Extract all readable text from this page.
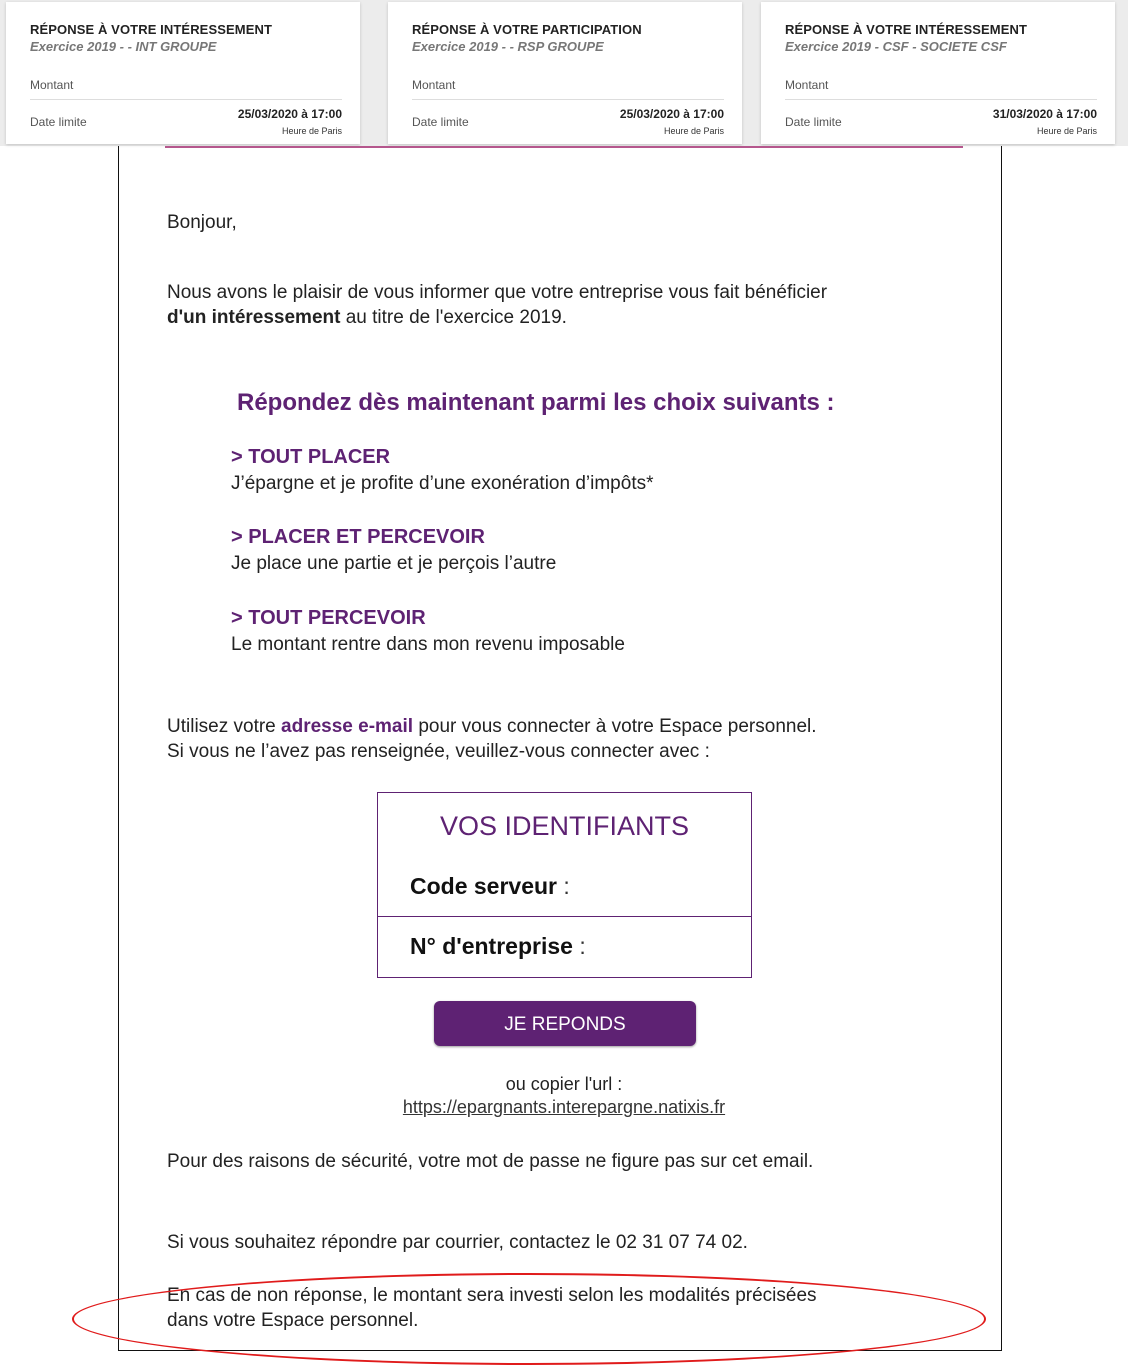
RÉPONSE À VOTRE INTÉRESSEMENT
Exercice 2019 - - INT GROUPE
Montant
Date limite
25/03/2020 à 17:00
Heure de Paris
RÉPONSE À VOTRE PARTICIPATION
Exercice 2019 - - RSP GROUPE
Montant
Date limite
25/03/2020 à 17:00
Heure de Paris
RÉPONSE À VOTRE INTÉRESSEMENT
Exercice 2019 - CSF - SOCIETE CSF
Montant
Date limite
31/03/2020 à 17:00
Heure de Paris
Bonjour,
Nous avons le plaisir de vous informer que votre entreprise vous fait bénéficier
d'un intéressement au titre de l'exercice 2019.
Répondez dès maintenant parmi les choix suivants :
> TOUT PLACER
J’épargne et je profite d’une exonération d’impôts*
> PLACER ET PERCEVOIR
Je place une partie et je perçois l’autre
> TOUT PERCEVOIR
Le montant rentre dans mon revenu imposable
Utilisez votre adresse e-mail pour vous connecter à votre Espace personnel.
Si vous ne l’avez pas renseignée, veuillez-vous connecter avec :
VOS IDENTIFIANTS
Code serveur :
N° d'entreprise :
JE REPONDS
ou copier l'url :
https://epargnants.interepargne.natixis.fr
Pour des raisons de sécurité, votre mot de passe ne figure pas sur cet email.
Si vous souhaitez répondre par courrier, contactez le 02 31 07 74 02.
En cas de non réponse, le montant sera investi selon les modalités précisées
dans votre Espace personnel.
